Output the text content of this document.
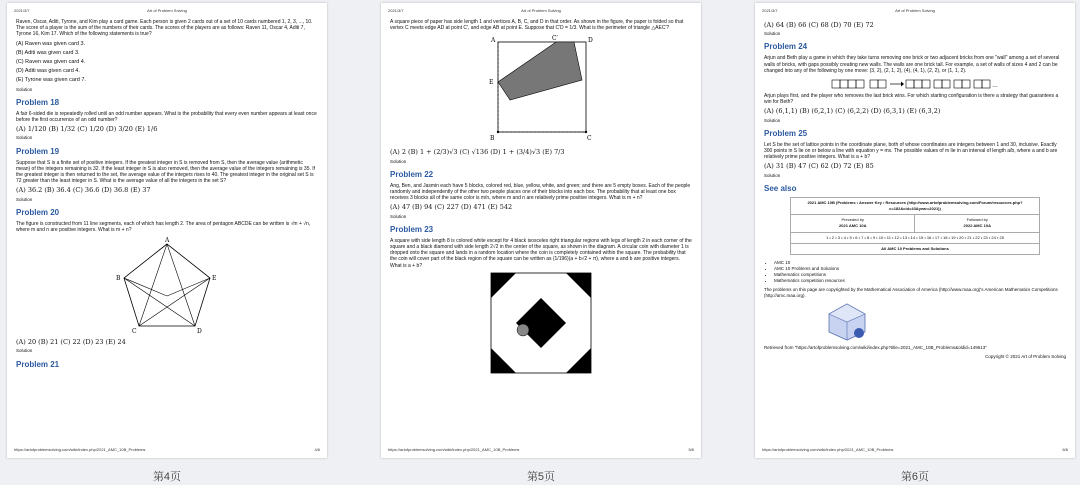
2021/3/7	Art of Problem Solving

Raven, Oscar, Aditi, Tyrone, and Kim play a card game. Each person is given 2 cards out of a set of 10 cards numbered 1, 2, 3, ..., 10. The score of a player is the sum of the numbers of their cards. The scores of the players are as follows: Raven 11, Oscar 4, Aditi 7, Tyrone 16, Kim 17. Which of the following statements is true?

(A) Raven was given card 3.
(B) Aditi was given card 3.
(C) Raven was given card 4.
(D) Aditi was given card 4.
(E) Tyrone was given card 7.
Solution
Problem 18

A fair 6-sided die is repeatedly rolled until an odd number appears. What is the probability that every even number appears at least once before the first occurrence of an odd number?

(A) 1/120 (B) 1/32 (C) 1/20 (D) 3/20 (E) 1/6
Solution
Problem 19

Suppose that S is a finite set of positive integers. If the greatest integer in S is removed from S, then the average value (arithmetic mean) of the integers remaining is 32. If the least integer in S is also removed, then the average value of the integers remaining is 35. If the greatest integer is then returned to the set, the average value of the integers rises to 40. The greatest integer in the original set S is 72 greater than the least integer in S. What is the average value of all the integers in the set S?

(A) 36.2 (B) 36.4 (C) 36.6 (D) 36.8 (E) 37
Solution
Problem 20

The figure is constructed from 11 line segments, each of which has length 2. The area of pentagon ABCDE can be written is √m + √n, where m and n are positive integers. What is m + n?

A
B
C	D
E
(A) 20 (B) 21 (C) 22 (D) 23 (E) 24
Solution
Problem 21
https://artofproblemsolving.com/wiki/index.php/2021_AMC_10B_Problems	4/6
2021/3/7	Art of Problem Solving

A square piece of paper has side length 1 and vertices A, B, C, and D in that order. As shown in the figure, the paper is folded so that vertex C meets edge AD at point C′, and edge AB at point E. Suppose that C′D = 1/3. What is the perimeter of triangle △AEC′?

A	C′	D
E
B	C
(A) 2 (B) 1 + (2/3)√3 (C) √136 (D) 1 + (3/4)√3 (E) 7/3
Solution
Problem 22

Ang, Ben, and Jasmin each have 5 blocks, colored red, blue, yellow, white, and green; and there are 5 empty boxes. Each of the people randomly and independently of the other two people places one of their blocks into each box. The probability that at least one box receives 3 blocks all of the same color is m/n, where m and n are relatively prime positive integers. What is m + n?

(A) 47 (B) 94 (C) 227 (D) 471 (E) 542
Solution
Problem 23

A square with side length 8 is colored white except for 4 black isosceles right triangular regions with legs of length 2 in each corner of the square and a black diamond with side length 2√2 in the center of the square, as shown in the diagram. A circular coin with diameter 1 is dropped onto the square and lands in a random location where the coin is completely contained within the square. The probability that the coin will cover part of the black region of the square can be written as (1/196)(a + b√2 + π), where a and b are positive integers. What is a + b?

https://artofproblemsolving.com/wiki/index.php/2021_AMC_10B_Problems	5/6
2021/3/7	Art of Problem Solving
(A) 64 (B) 66 (C) 68 (D) 70 (E) 72
Solution
Problem 24

Arjun and Beth play a game in which they take turns removing one brick or two adjacent bricks from one "wall" among a set of several walls of bricks, with gaps possibly creating new walls. The walls are one brick tall. For example, a set of walls of sizes 4 and 2 can be changed into any of the following by one move: (3, 2), (2, 1, 2), (4), (4, 1), (2, 2), or (1, 1, 2).

…

Arjun plays first, and the player who removes the last brick wins. For which starting configuration is there a strategy that guarantees a win for Beth?

(A) (6,1,1) (B) (6,2,1) (C) (6,2,2) (D) (6,3,1) (E) (6,3,2)
Solution
Problem 25

Let S be the set of lattice points in the coordinate plane, both of whose coordinates are integers between 1 and 30, inclusive. Exactly 300 points in S lie on or below a line with equation y = mx. The possible values of m lie in an interval of length a/b, where a and b are relatively prime positive integers. What is a + b?

(A) 31 (B) 47 (C) 62 (D) 72 (E) 85
Solution
See also
2021 AMC 10B (Problems • Answer Key • Resources (http://www.artofproblemsolving.com/Forum/resources.php?c=182&cid=43&year=2021))
Preceded by
2021 AMC 10A	Followed by
2022 AMC 10A
1 • 2 • 3 • 4 • 5 • 6 • 7 • 8 • 9 • 10 • 11 • 12 • 13 • 14 • 15 • 16 • 17 • 18 • 19 • 20 • 21 • 22 • 23 • 24 • 25
All AMC 10 Problems and Solutions
• AMC 10
• AMC 10 Problems and Solutions
• Mathematics competitions
• Mathematics competition resources

The problems on this page are copyrighted by the Mathematical Association of America (http://www.maa.org)'s American Mathematics Competitions (http://amc.maa.org).

Retrieved from "https://artofproblemsolving.com/wiki/index.php?title=2021_AMC_10B_Problems&oldid=149613"

Copyright © 2021 Art of Problem Solving
https://artofproblemsolving.com/wiki/index.php/2021_AMC_10B_Problems	6/6
第4页	第5页	第6页
